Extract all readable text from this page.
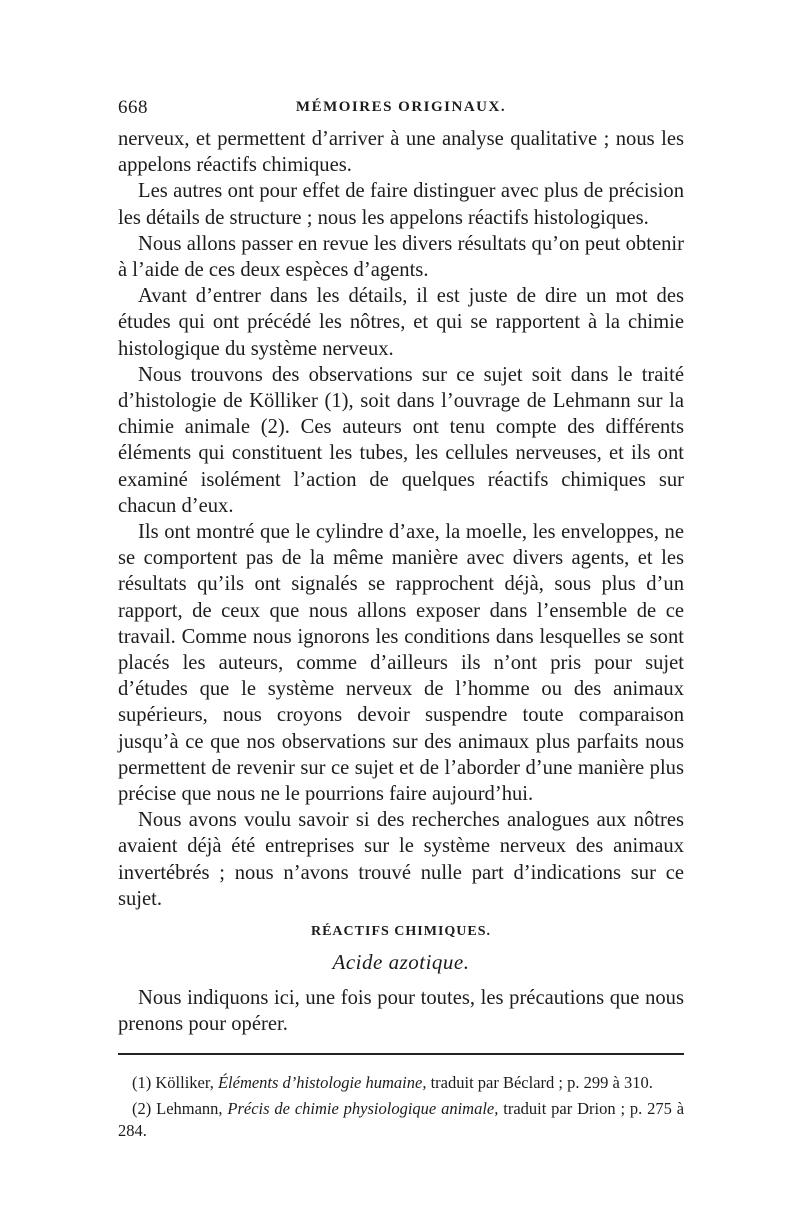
668	MÉMOIRES ORIGINAUX.

nerveux, et permettent d’arriver à une analyse qualitative ; nous les appelons réactifs chimiques.

Les autres ont pour effet de faire distinguer avec plus de précision les détails de structure ; nous les appelons réactifs histologiques.

Nous allons passer en revue les divers résultats qu’on peut obtenir à l’aide de ces deux espèces d’agents.

Avant d’entrer dans les détails, il est juste de dire un mot des études qui ont précédé les nôtres, et qui se rapportent à la chimie histologique du système nerveux.

Nous trouvons des observations sur ce sujet soit dans le traité d’histologie de Kölliker (1), soit dans l’ouvrage de Lehmann sur la chimie animale (2). Ces auteurs ont tenu compte des différents éléments qui constituent les tubes, les cellules nerveuses, et ils ont examiné isolément l’action de quelques réactifs chimiques sur chacun d’eux.

Ils ont montré que le cylindre d’axe, la moelle, les enveloppes, ne se comportent pas de la même manière avec divers agents, et les résultats qu’ils ont signalés se rapprochent déjà, sous plus d’un rapport, de ceux que nous allons exposer dans l’ensemble de ce travail. Comme nous ignorons les conditions dans lesquelles se sont placés les auteurs, comme d’ailleurs ils n’ont pris pour sujet d’études que le système nerveux de l’homme ou des animaux supérieurs, nous croyons devoir suspendre toute comparaison jusqu’à ce que nos observations sur des animaux plus parfaits nous permettent de revenir sur ce sujet et de l’aborder d’une manière plus précise que nous ne le pourrions faire aujourd’hui.

Nous avons voulu savoir si des recherches analogues aux nôtres avaient déjà été entreprises sur le système nerveux des animaux invertébrés ; nous n’avons trouvé nulle part d’indications sur ce sujet.

RÉACTIFS CHIMIQUES.
Acide azotique.

Nous indiquons ici, une fois pour toutes, les précautions que nous prenons pour opérer.

(1) Kölliker, Éléments d’histologie humaine, traduit par Béclard ; p. 299 à 310.

(2) Lehmann, Précis de chimie physiologique animale, traduit par Drion ; p. 275 à 284.
